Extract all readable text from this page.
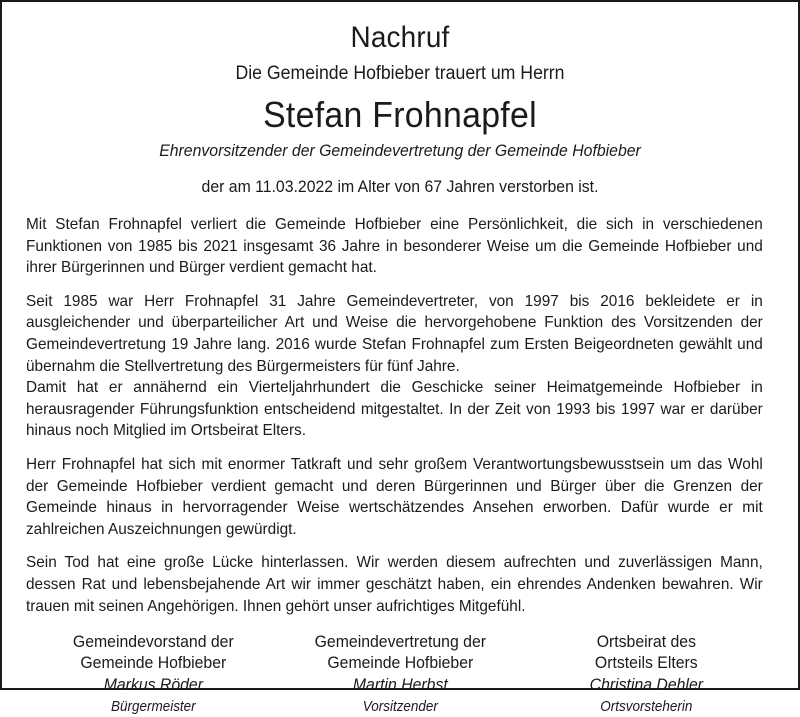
Nachruf
Die Gemeinde Hofbieber trauert um Herrn
Stefan Frohnapfel
Ehrenvorsitzender der Gemeindevertretung der Gemeinde Hofbieber
der am 11.03.2022 im Alter von 67 Jahren verstorben ist.

Mit Stefan Frohnapfel verliert die Gemeinde Hofbieber eine Persönlichkeit, die sich in verschiedenen Funktionen von 1985 bis 2021 insgesamt 36 Jahre in besonderer Weise um die Gemeinde Hofbieber und ihrer Bürgerinnen und Bürger verdient gemacht hat.

Seit 1985 war Herr Frohnapfel 31 Jahre Gemeindevertreter, von 1997 bis 2016 bekleidete er in ausgleichender und überparteilicher Art und Weise die hervorgehobene Funktion des Vorsitzenden der Gemeindevertretung 19 Jahre lang. 2016 wurde Stefan Frohnapfel zum Ersten Beigeordneten gewählt und übernahm die Stellvertretung des Bürgermeisters für fünf Jahre.

Damit hat er annähernd ein Vierteljahrhundert die Geschicke seiner Heimatgemeinde Hofbieber in herausragender Führungsfunktion entscheidend mitgestaltet. In der Zeit von 1993 bis 1997 war er darüber hinaus noch Mitglied im Ortsbeirat Elters.

Herr Frohnapfel hat sich mit enormer Tatkraft und sehr großem Verantwortungsbewusstsein um das Wohl der Gemeinde Hofbieber verdient gemacht und deren Bürgerinnen und Bürger über die Grenzen der Gemeinde hinaus in hervorragender Weise wertschätzendes Ansehen erworben. Dafür wurde er mit zahlreichen Auszeichnungen gewürdigt.

Sein Tod hat eine große Lücke hinterlassen. Wir werden diesem aufrechten und zuverlässigen Mann, dessen Rat und lebensbejahende Art wir immer geschätzt haben, ein ehrendes Andenken bewahren. Wir trauen mit seinen Angehörigen. Ihnen gehört unser aufrichtiges Mitgefühl.

Gemeindevorstand der
Gemeinde Hofbieber
Markus Röder
Bürgermeister
Gemeindevertretung der
Gemeinde Hofbieber
Martin Herbst
Vorsitzender
Ortsbeirat des
Ortsteils Elters
Christina Dehler
Ortsvorsteherin
